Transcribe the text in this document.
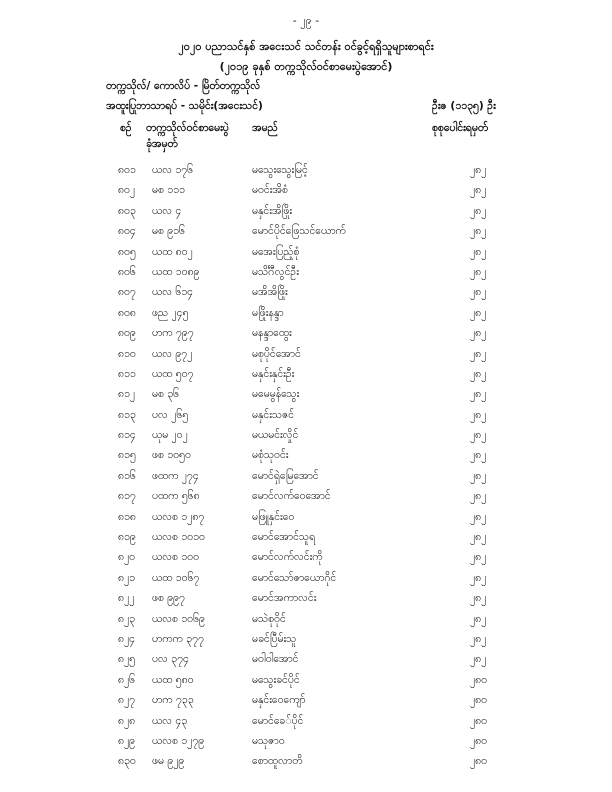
- ၂၉ -
၂၀၂၀ ပညာသင်နှစ် အငေးသင် သင်တန်း ဝင်ခွင့်ရရှိသူများစာရင်း
(၂၀၁၉ ခုနှစ် တက္ကသိုလ်ဝင်စာမေးပွဲအောင်)
တက္ကသိုလ်/ ကောလိပ် - မြိတ်တက္ကသိုလ်
အထူးပြုဘာသာရပ် - သမိုင်း(အငေးသင်)	ဦးဇ (၁၁၃၅) ဦး
စဉ် တက္ကသိုလ်ဝင်စာမေးပွဲ
ခုံအမှတ်
အမည်	စုစုပေါင်းရမှတ်
၈၀၁ ယလ ၁၇၆	မသွေးသွေးမြင့်	၂၈၂
၈၀၂ မစ ၁၁၁	မဝင်းအိစံ	၂၈၂
၈၀၃ ယလ ၄	မနှင်းအိဖြိုး	၂၈၂
၈၀၄ မစ ၉၁၆	မောင်ပိုင်ဖြေသင်ယောက်	၂၈၂
၈၀၅ ယထ ၈၀၂	မအေးပြည့်စုံ	၂၈၂
၈၀၆ ယထ ၁၀၈၉	မသိင်္ဂီလွင်ဦး	၂၈၂
၈၀၇ ယလ ၆၁၄	မအိအိဖြိုး	၂၈၂
၈၀၈ ဖည ၂၄၅	မဖြိုးနန္ဒာ	၂၈၂
၈၀၉ ဟက ၇၉၇	မနန္ဒာထွေး	၂၈၂
၈၁၀ ယလ ၉၇၂	မစုပိုင်အောင်	၂၈၂
၈၁၁ ယထ ၅၀၇	မနှင်းနှင်းဦး	၂၈၂
၈၁၂ မစ ၃၆	မမေမွန်သွေး	၂၈၂
၈၁၃ ပလ ၂၆၅	မနှင်းသဇင်	၂၈၂
၈၁၄ ယုမ ၂၀၂	မယမင်းလှိုင်	၂၈၂
၈၁၅ ဖစ ၁၀၅၀	မစုံသုဝင်း	၂၈၂
၈၁၆ ဖထက ၂၇၄	မောင်ရှဲမြေအောင်	၂၈၂
၈၁၇ ပထက ၅၆၈	မောင်လက်ဝေအောင်	၂၈၂
၈၁၈ ယလစ ၁၂၈၇	မဖြူနှင်းဝေ	၂၈၂
၈၁၉ ယလစ ၁၀၁၀	မောင်အောင်သူရ	၂၈၂
၈၂၀ ယလစ ၁၀၀	မောင်လက်လင်းကို	၂၈၂
၈၂၁ ယထ ၁၀၆၇	မောင်သော်ဇာယောဂိုင်	၂၈၂
၈၂၂ ဖစ ၉၉၇	မောင်အကာလင်း	၂၈၂
၈၂၃ ယလစ ၁၀၆၉	မသဲစုဝိုင်	၂၈၂
၈၂၄ ဟကက ၃၇၇	မခင်ပြီမ်းသူ	၂၈၂
၈၂၅ ပလ ၃၇၄	မဝါဝါအောင်	၂၈၂
၈၂၆ ယထ ၅၈၀	မသွေးခင်ပိုင်	၂၈၀
၈၂၇ ဟက ၇၃၃	မနှင်းဝေကျော်	၂၈၀
၈၂၈ ယလ ၄၃	မောင်ခေ်ပိုင်	၂၈၀
၈၂၉ ယလစ ၁၂၇၉	မသုဇာဝ	၂၈၀
၈၃၀ ဖမ ၉၂၉	စောထူလာတိ	၂၈၀
